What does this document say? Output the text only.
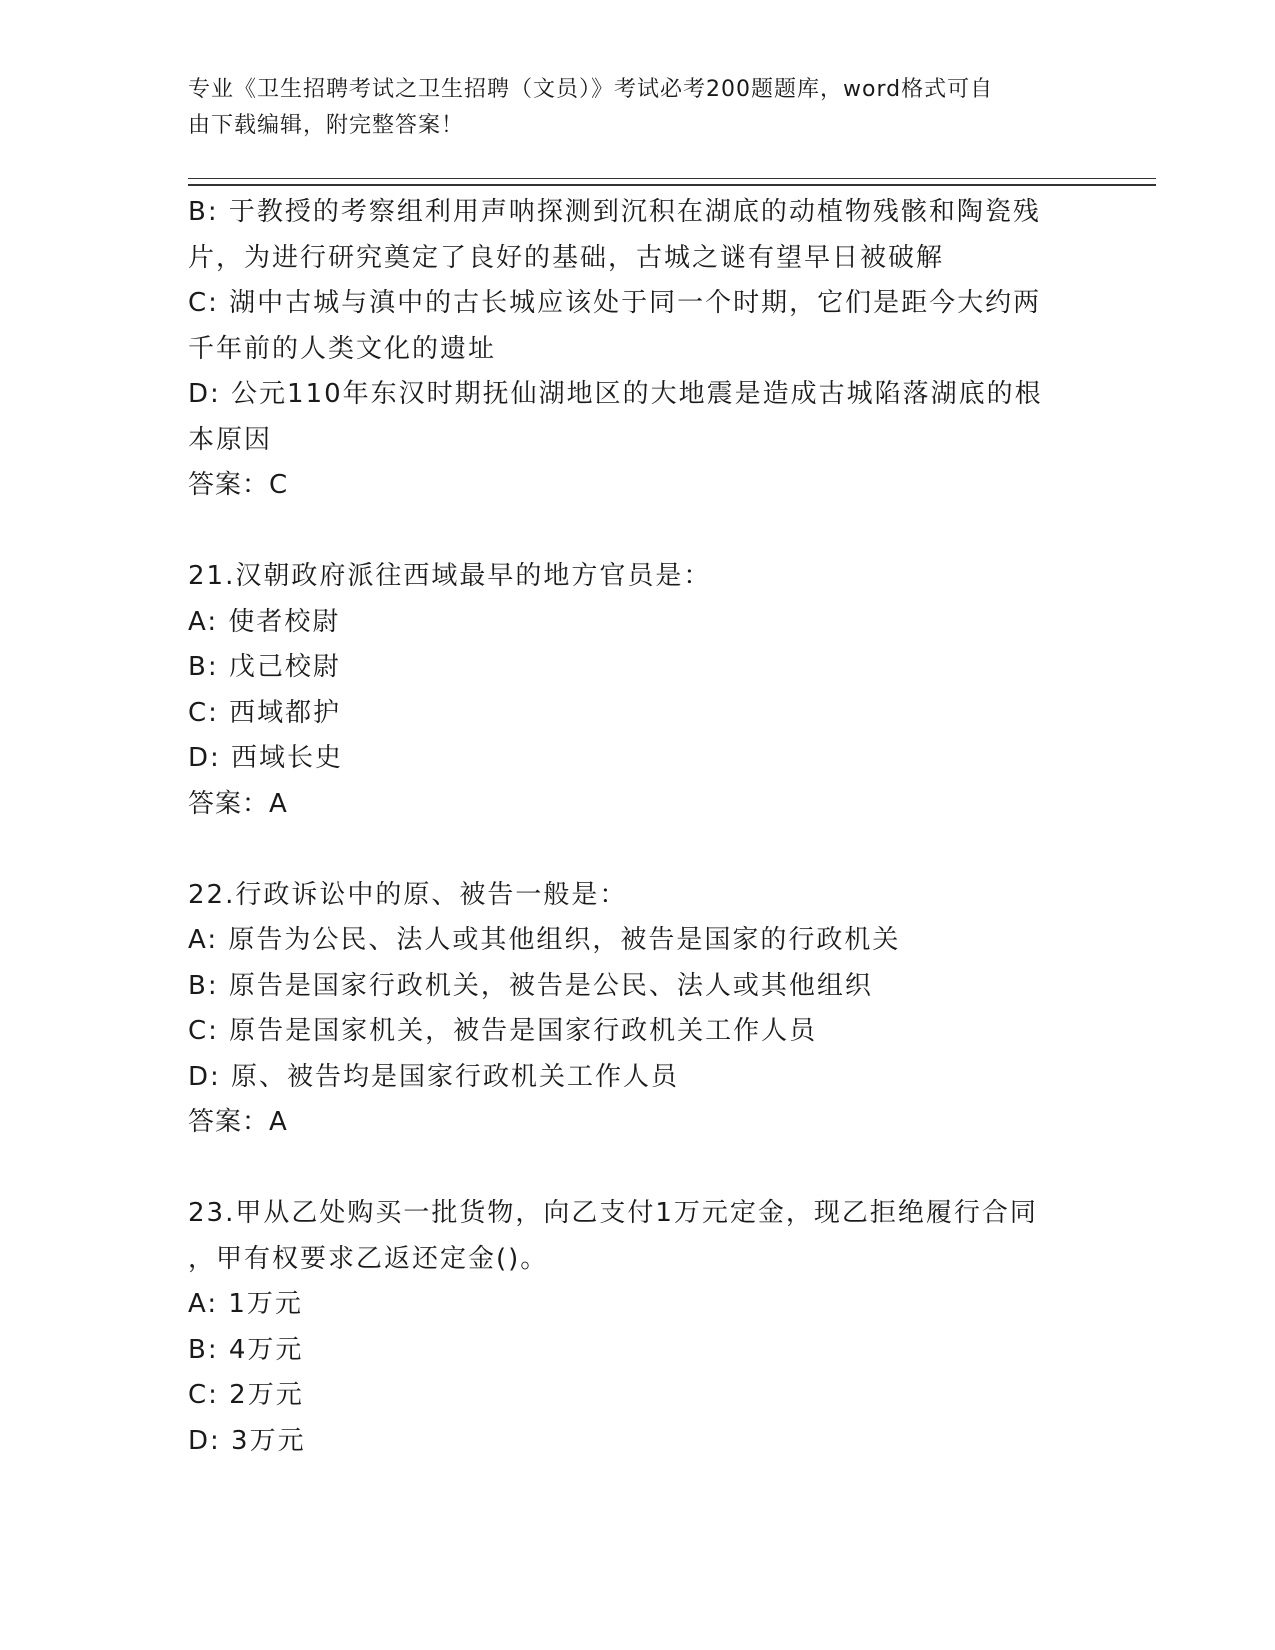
专业《卫生招聘考试之卫生招聘（文员）》考试必考200题题库，word格式可自
由下载编辑，附完整答案！
B: 于教授的考察组利用声呐探测到沉积在湖底的动植物残骸和陶瓷残
片，为进行研究奠定了良好的基础，古城之谜有望早日被破解
C: 湖中古城与滇中的古长城应该处于同一个时期，它们是距今大约两
千年前的人类文化的遗址
D: 公元110年东汉时期抚仙湖地区的大地震是造成古城陷落湖底的根
本原因
答案：C
21.汉朝政府派往西域最早的地方官员是：
A: 使者校尉
B: 戊己校尉
C: 西域都护
D: 西域长史
答案：A
22.行政诉讼中的原、被告一般是：
A: 原告为公民、法人或其他组织，被告是国家的行政机关
B: 原告是国家行政机关，被告是公民、法人或其他组织
C: 原告是国家机关，被告是国家行政机关工作人员
D: 原、被告均是国家行政机关工作人员
答案：A
23.甲从乙处购买一批货物，向乙支付1万元定金，现乙拒绝履行合同
，甲有权要求乙返还定金()。
A: 1万元
B: 4万元
C: 2万元
D: 3万元
